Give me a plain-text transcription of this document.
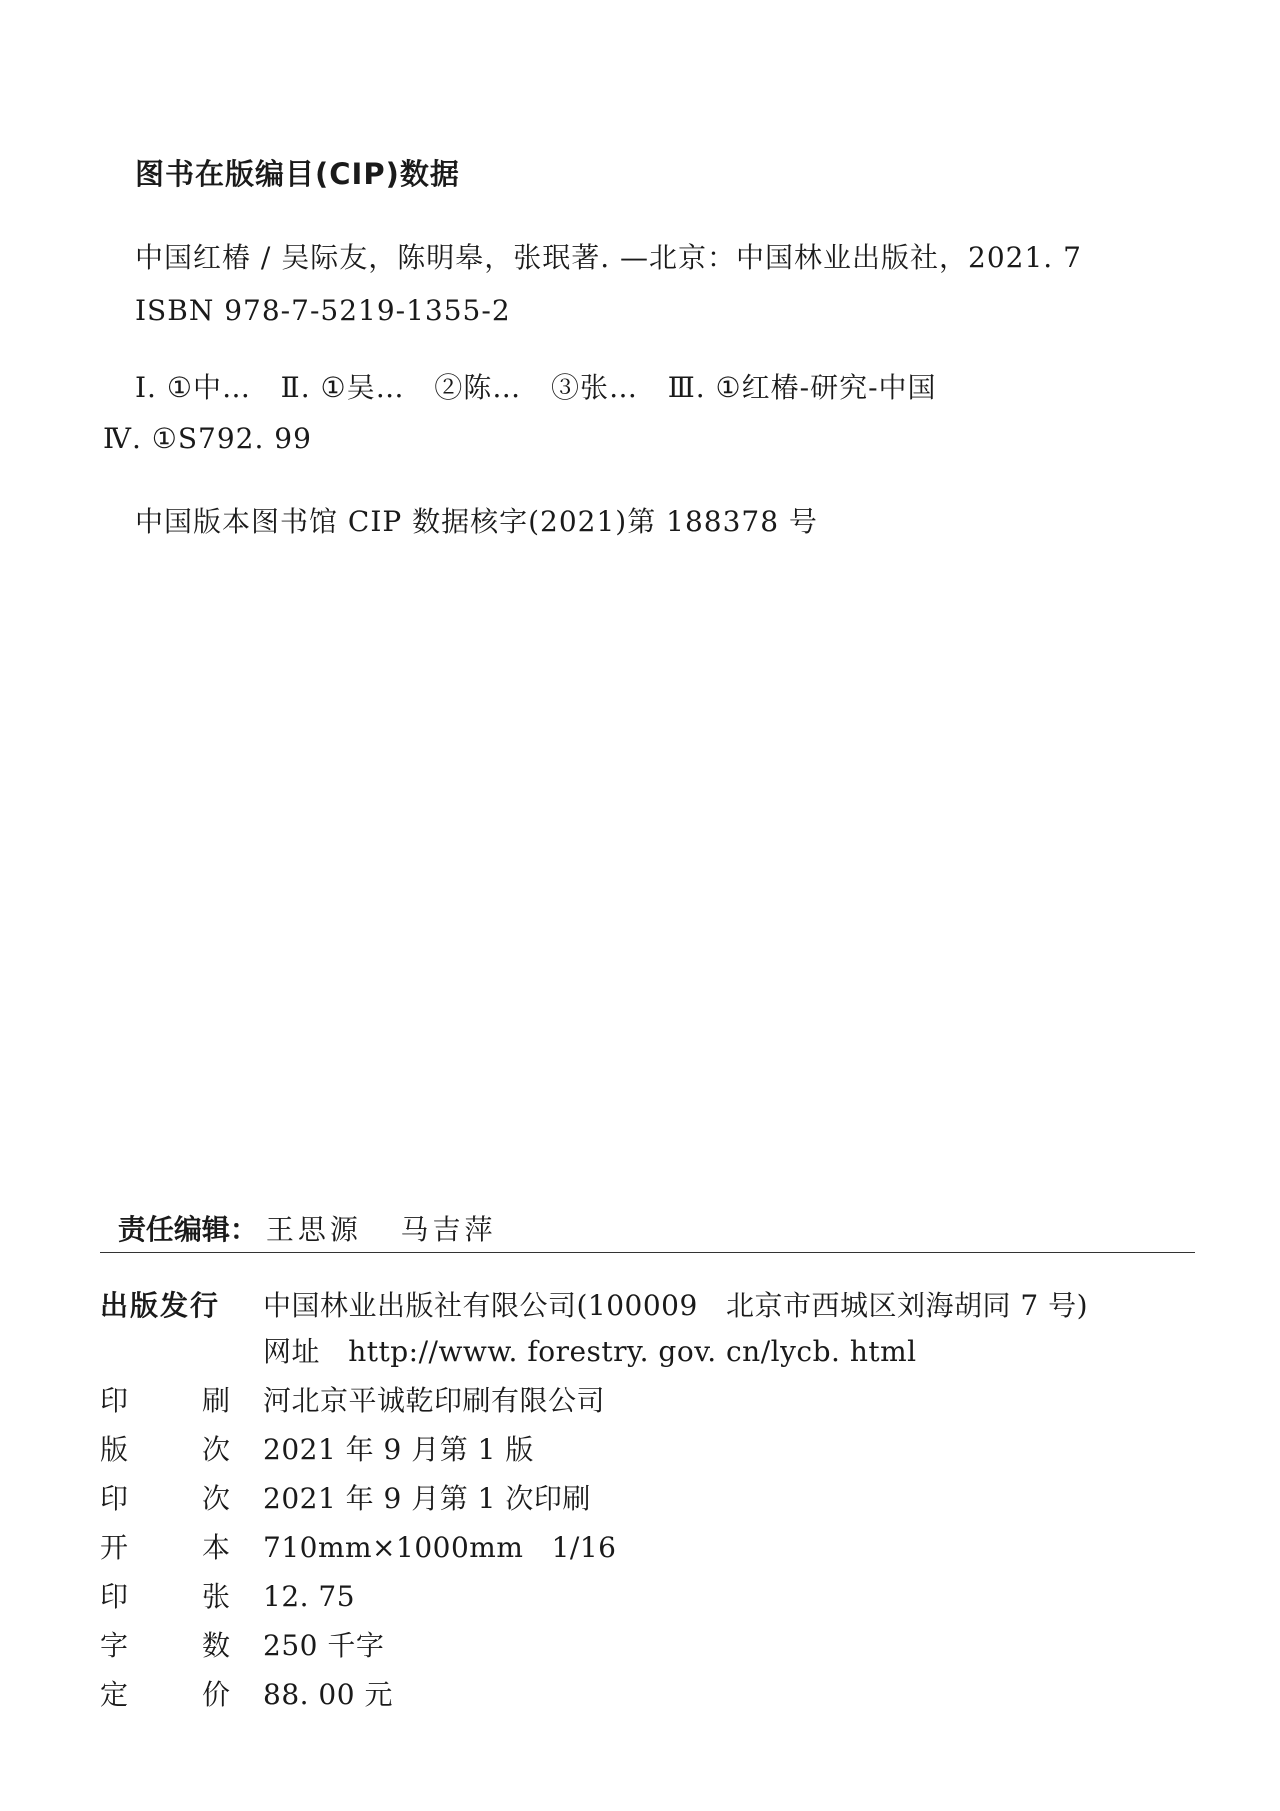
图书在版编目(CIP)数据
中国红椿 / 吴际友，陈明皋，张珉著. —北京：中国林业出版社，2021. 7
ISBN 978-7-5219-1355-2
Ⅰ. ①中…   Ⅱ. ①吴…   ②陈…   ③张…   Ⅲ. ①红椿-研究-中国
Ⅳ. ①S792. 99
中国版本图书馆 CIP 数据核字(2021)第 188378 号

责任编辑： 王思源   马吉萍

出版发行	中国林业出版社有限公司(100009   北京市西城区刘海胡同 7 号)
网址   http://www. forestry. gov. cn/lycb. html
印	刷 河北京平诚乾印刷有限公司
版	次 2021 年 9 月第 1 版
印	次 2021 年 9 月第 1 次印刷
开	本 710mm×1000mm   1/16
印	张 12. 75
字	数 250 千字
定	价 88. 00 元
